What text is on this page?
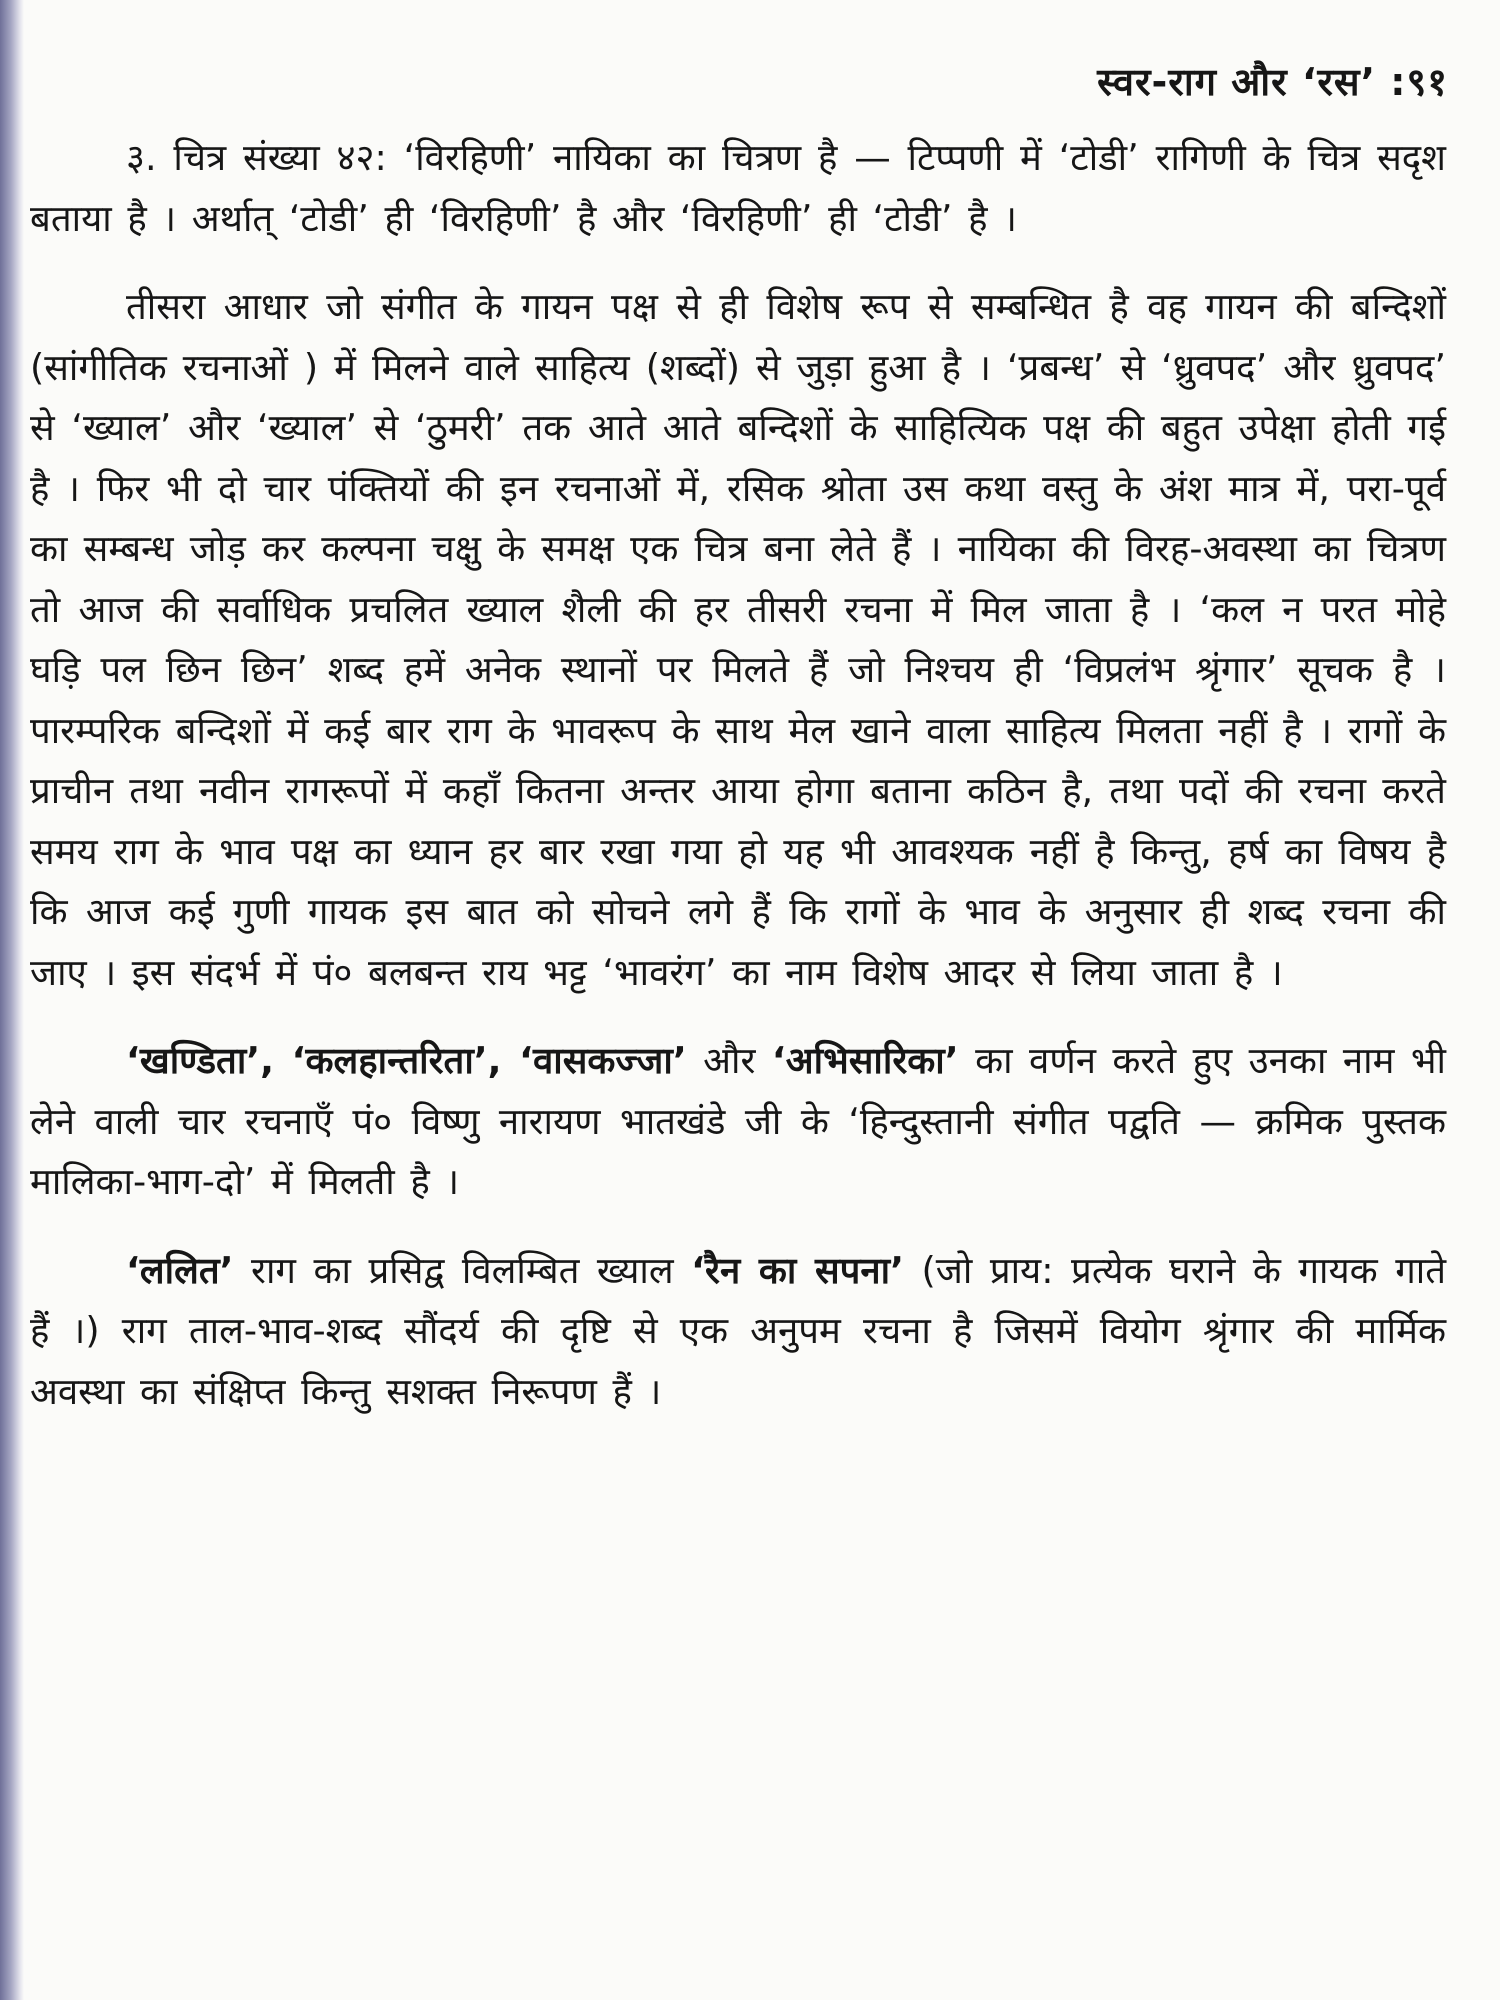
स्वर-राग और ‘रस’ :९१

३. चित्र संख्या ४२: ‘विरहिणी’ नायिका का चित्रण है — टिप्पणी में ‘टोडी’ रागिणी के चित्र सदृश बताया है । अर्थात् ‘टोडी’ ही ‘विरहिणी’ है और ‘विरहिणी’ ही ‘टोडी’ है ।

तीसरा आधार जो संगीत के गायन पक्ष से ही विशेष रूप से सम्बन्धित है वह गायन की बन्दिशों (सांगीतिक रचनाओं ) में मिलने वाले साहित्य (शब्दों) से जुड़ा हुआ है । ‘प्रबन्ध’ से ‘ध्रुवपद’ और ध्रुवपद’ से ‘ख्याल’ और ‘ख्याल’ से ‘ठुमरी’ तक आते आते बन्दिशों के साहित्यिक पक्ष की बहुत उपेक्षा होती गई है । फिर भी दो चार पंक्तियों की इन रचनाओं में, रसिक श्रोता उस कथा वस्तु के अंश मात्र में, परा-पूर्व का सम्बन्ध जोड़ कर कल्पना चक्षु के समक्ष एक चित्र बना लेते हैं । नायिका की विरह-अवस्था का चित्रण तो आज की सर्वाधिक प्रचलित ख्याल शैली की हर तीसरी रचना में मिल जाता है । ‘कल न परत मोहे घड़ि पल छिन छिन’ शब्द हमें अनेक स्थानों पर मिलते हैं जो निश्चय ही ‘विप्रलंभ श्रृंगार’ सूचक है । पारम्परिक बन्दिशों में कई बार राग के भावरूप के साथ मेल खाने वाला साहित्य मिलता नहीं है । रागों के प्राचीन तथा नवीन रागरूपों में कहाँ कितना अन्तर आया होगा बताना कठिन है, तथा पदों की रचना करते समय राग के भाव पक्ष का ध्यान हर बार रखा गया हो यह भी आवश्यक नहीं है किन्तु, हर्ष का विषय है कि आज कई गुणी गायक इस बात को सोचने लगे हैं कि रागों के भाव के अनुसार ही शब्द रचना की जाए । इस संदर्भ में पं० बलबन्त राय भट्ट ‘भावरंग’ का नाम विशेष आदर से लिया जाता है ।

‘खण्डिता’, ‘कलहान्तरिता’, ‘वासकज्जा’ और ‘अभिसारिका’ का वर्णन करते हुए उनका नाम भी लेने वाली चार रचनाएँ पं० विष्णु नारायण भातखंडे जी के ‘हिन्दुस्तानी संगीत पद्वति — क्रमिक पुस्तक मालिका-भाग-दो’ में मिलती है ।

‘ललित’ राग का प्रसिद्व विलम्बित ख्याल ‘रैन का सपना’ (जो प्राय: प्रत्येक घराने के गायक गाते हैं ।) राग ताल-भाव-शब्द सौंदर्य की दृष्टि से एक अनुपम रचना है जिसमें वियोग श्रृंगार की मार्मिक अवस्था का संक्षिप्त किन्तु सशक्त निरूपण हैं ।
